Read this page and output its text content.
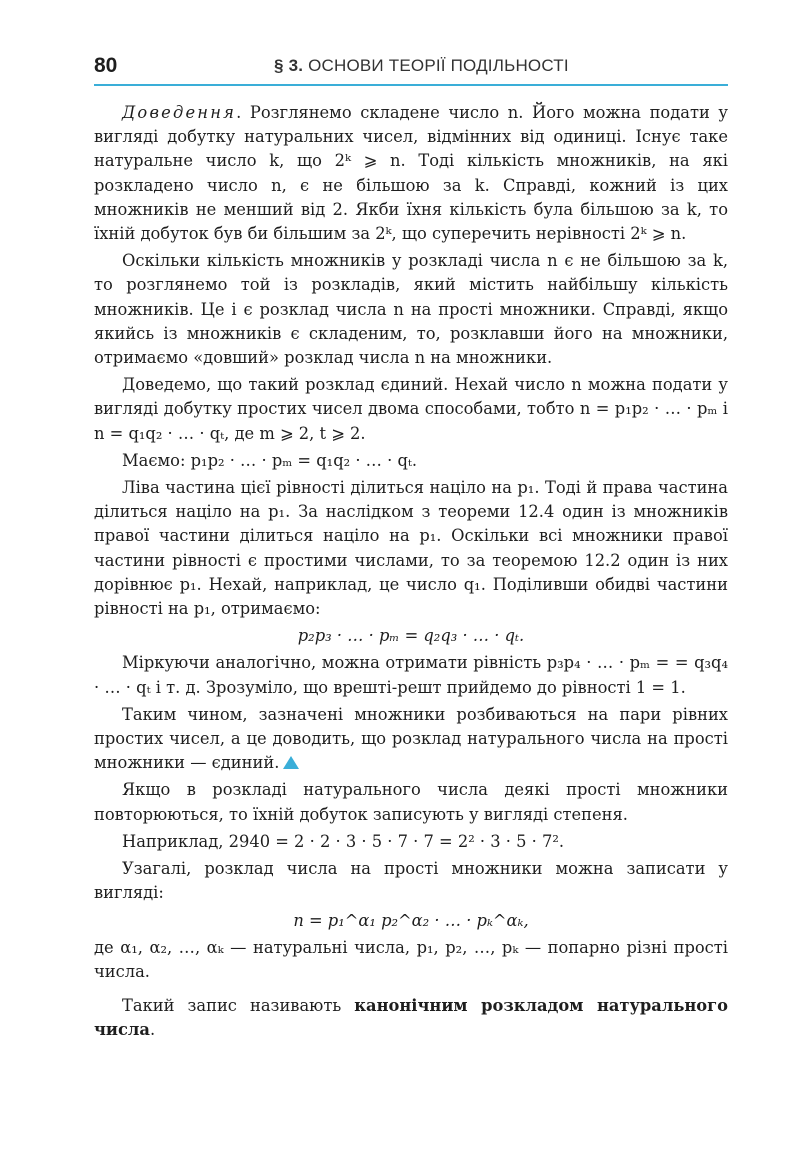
80	§ 3. ОСНОВИ ТЕОРІЇ ПОДІЛЬНОСТІ

Доведення. Розглянемо складене число n. Його можна подати у вигляді добутку натуральних чисел, відмінних від одиниці. Існує таке натуральне число k, що 2ᵏ ⩾ n. Тоді кількість множників, на які розкладено число n, є не більшою за k. Справді, кожний із цих множників не менший від 2. Якби їхня кількість була більшою за k, то їхній добуток був би більшим за 2ᵏ, що суперечить нерівності 2ᵏ ⩾ n.

Оскільки кількість множників у розкладі числа n є не більшою за k, то розглянемо той із розкладів, який містить найбільшу кількість множників. Це і є розклад числа n на прості множники. Справді, якщо якийсь із множників є складеним, то, розклавши його на множники, отримаємо «довший» розклад числа n на множники.

Доведемо, що такий розклад єдиний. Нехай число n можна подати у вигляді добутку простих чисел двома способами, тобто n = p₁p₂ · … · pₘ і n = q₁q₂ · … · qₜ, де m ⩾ 2, t ⩾ 2.

Маємо: p₁p₂ · … · pₘ = q₁q₂ · … · qₜ.

Ліва частина цієї рівності ділиться націло на p₁. Тоді й права частина ділиться націло на p₁. За наслідком з теореми 12.4 один із множників правої частини ділиться націло на p₁. Оскільки всі множники правої частини рівності є простими числами, то за теоремою 12.2 один із них дорівнює p₁. Нехай, наприклад, це число q₁. Поділивши обидві частини рівності на p₁, отримаємо:

p₂p₃ · … · pₘ = q₂q₃ · … · qₜ.

Міркуючи аналогічно, можна отримати рівність p₃p₄ · … · pₘ = = q₃q₄ · … · qₜ і т. д. Зрозуміло, що врешті-решт прийдемо до рівності 1 = 1.

Таким чином, зазначені множники розбиваються на пари рівних простих чисел, а це доводить, що розклад натурального числа на прості множники — єдиний.

Якщо в розкладі натурального числа деякі прості множники повторюються, то їхній добуток записують у вигляді степеня.

Наприклад, 2940 = 2 · 2 · 3 · 5 · 7 · 7 = 2² · 3 · 5 · 7².

Узагалі, розклад числа на прості множники можна записати у вигляді:

n = p₁^α₁ p₂^α₂ · … · pₖ^αₖ,

де α₁, α₂, …, αₖ — натуральні числа, p₁, p₂, …, pₖ — попарно різні прості числа.

Такий запис називають канонічним розкладом натурального числа.
